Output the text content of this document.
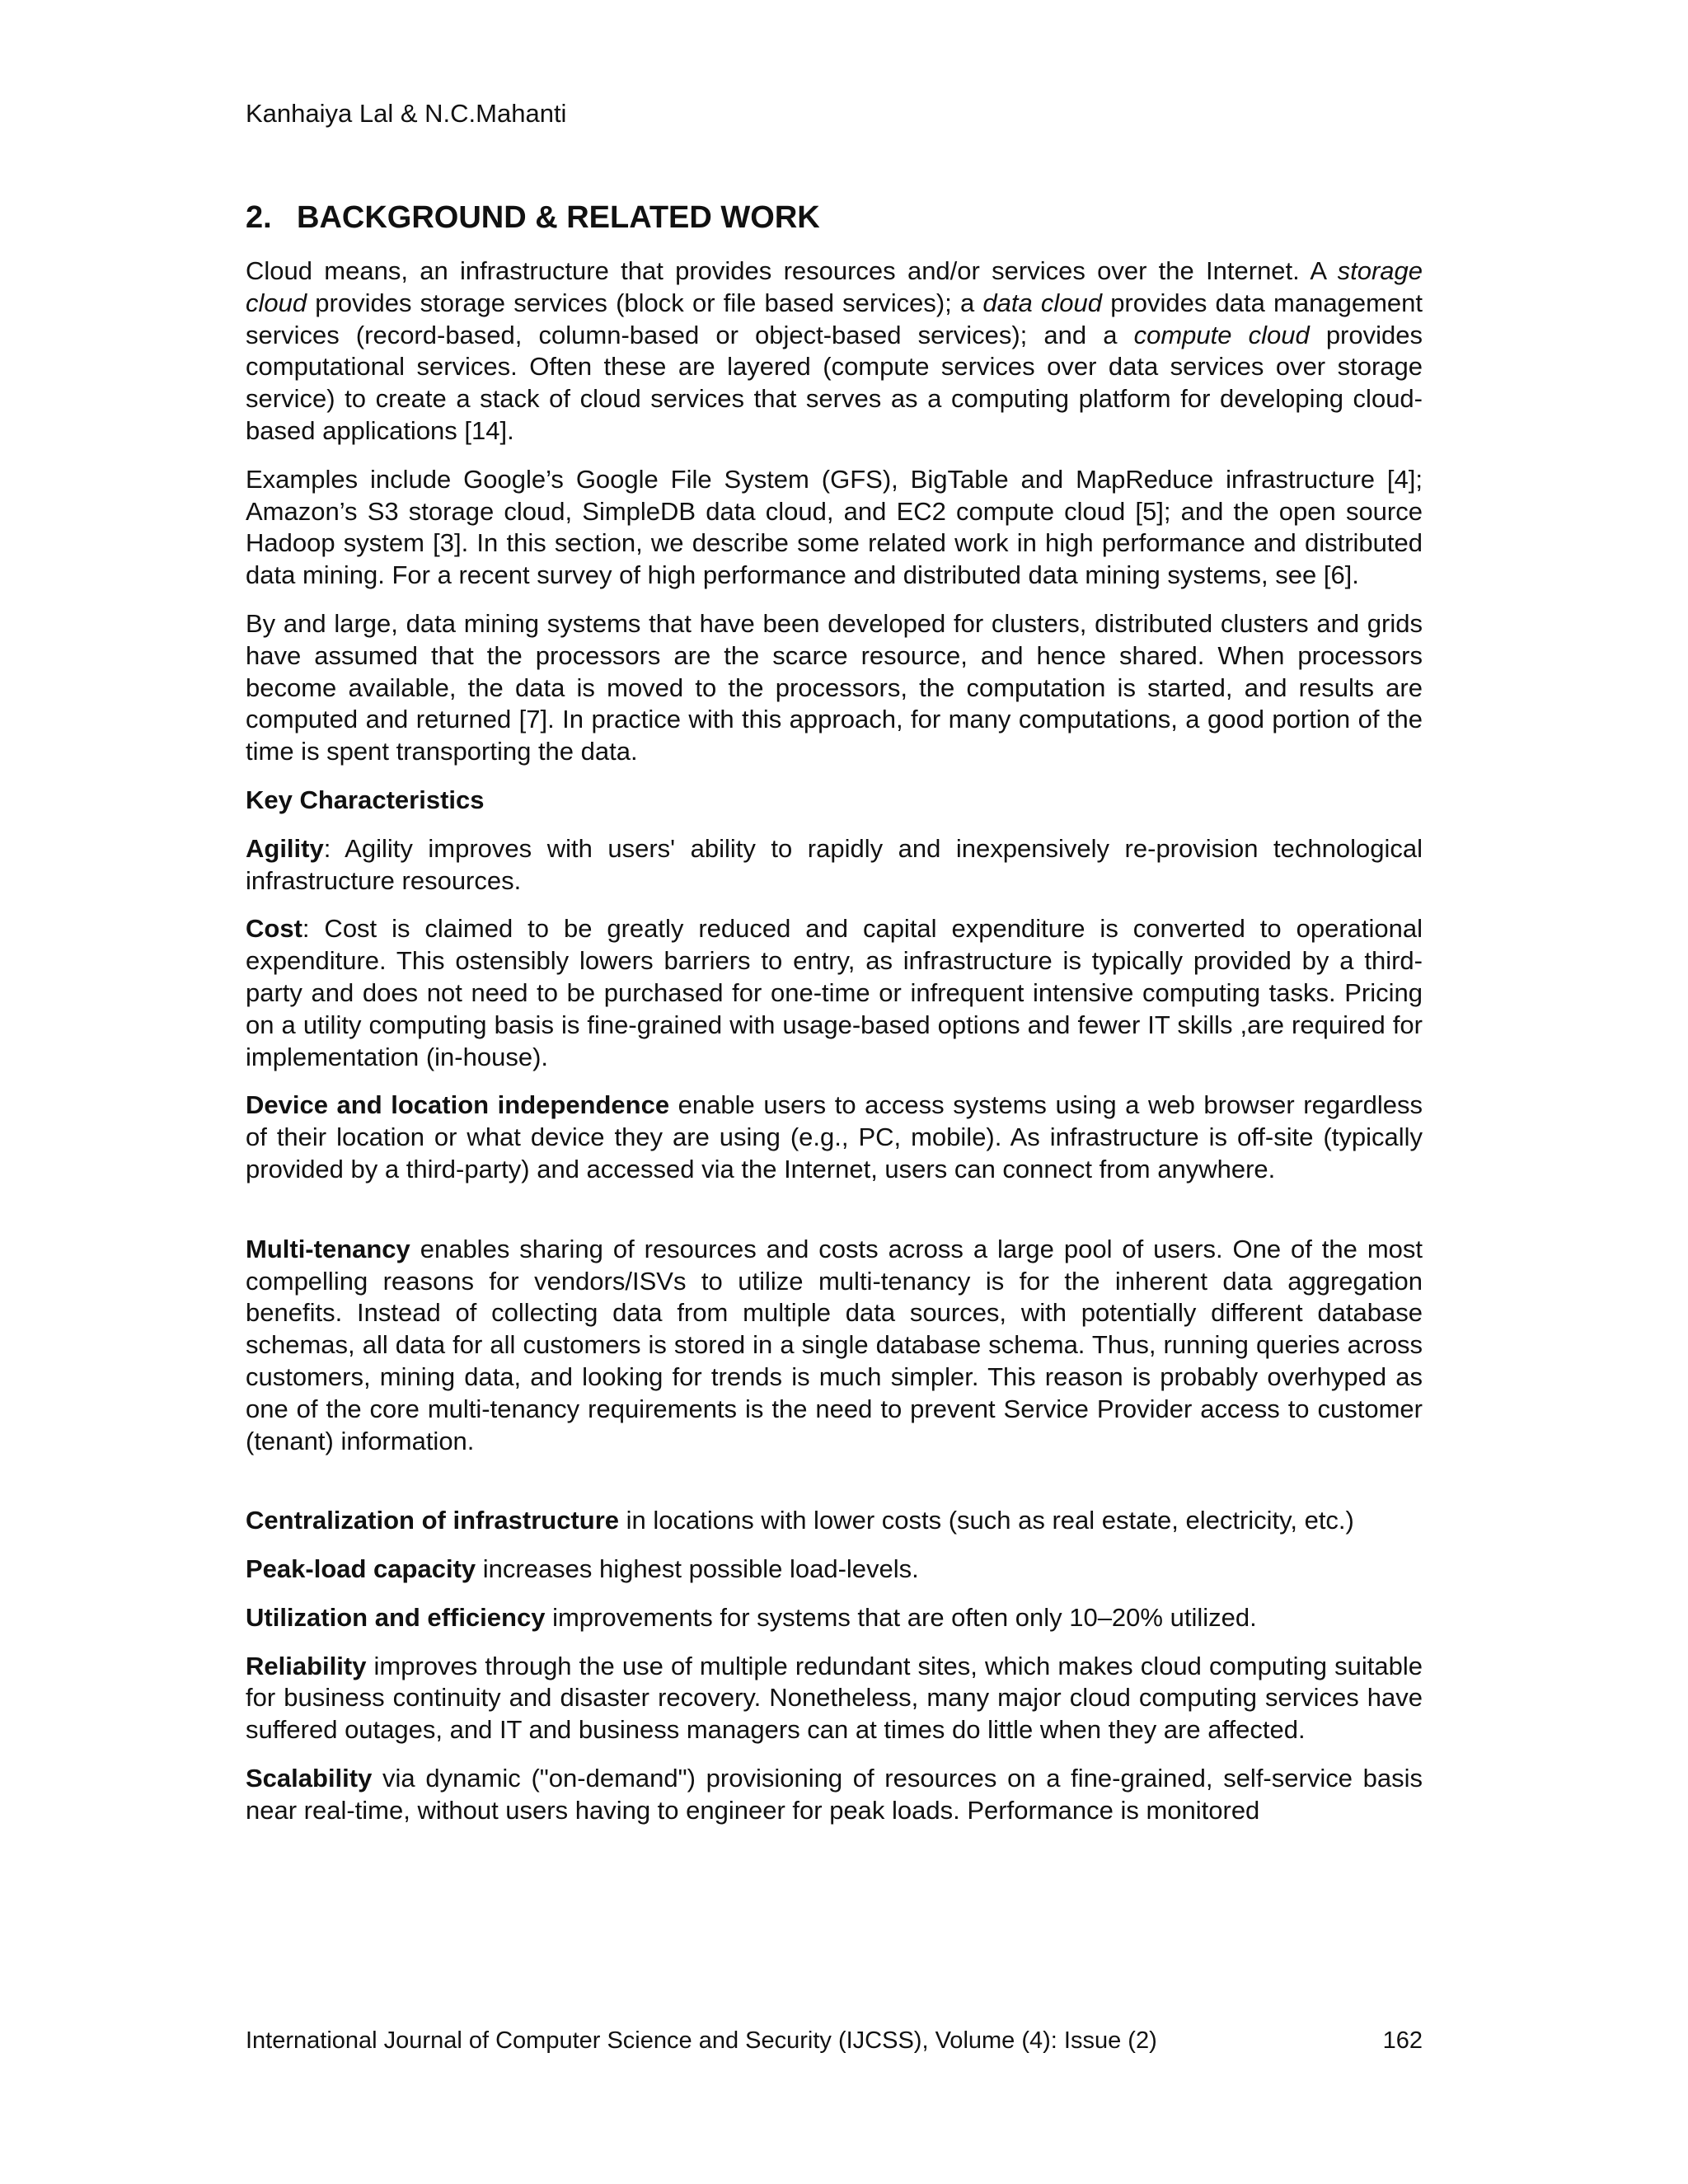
Kanhaiya Lal & N.C.Mahanti
2. BACKGROUND & RELATED WORK

Cloud means, an infrastructure that provides resources and/or services over the Internet. A storage cloud provides storage services (block or file based services); a data cloud provides data management services (record-based, column-based or object-based services); and a compute cloud provides computational services. Often these are layered (compute services over data services over storage service) to create a stack of cloud services that serves as a computing platform for developing cloud-based applications [14].

Examples include Google’s Google File System (GFS), BigTable and MapReduce infrastructure [4]; Amazon’s S3 storage cloud, SimpleDB data cloud, and EC2 compute cloud [5]; and the open source Hadoop system [3]. In this section, we describe some related work in high performance and distributed data mining. For a recent survey of high performance and distributed data mining systems, see [6].

By and large, data mining systems that have been developed for clusters, distributed clusters and grids have assumed that the processors are the scarce resource, and hence shared. When processors become available, the data is moved to the processors, the computation is started, and results are computed and returned [7]. In practice with this approach, for many computations, a good portion of the time is spent transporting the data.

Key Characteristics

Agility: Agility improves with users' ability to rapidly and inexpensively re-provision technological infrastructure resources.

Cost: Cost is claimed to be greatly reduced and capital expenditure is converted to operational expenditure. This ostensibly lowers barriers to entry, as infrastructure is typically provided by a third-party and does not need to be purchased for one-time or infrequent intensive computing tasks. Pricing on a utility computing basis is fine-grained with usage-based options and fewer IT skills ,are required for implementation (in-house).

Device and location independence enable users to access systems using a web browser regardless of their location or what device they are using (e.g., PC, mobile). As infrastructure is off-site (typically provided by a third-party) and accessed via the Internet, users can connect from anywhere.

Multi-tenancy enables sharing of resources and costs across a large pool of users. One of the most compelling reasons for vendors/ISVs to utilize multi-tenancy is for the inherent data aggregation benefits. Instead of collecting data from multiple data sources, with potentially different database schemas, all data for all customers is stored in a single database schema. Thus, running queries across customers, mining data, and looking for trends is much simpler. This reason is probably overhyped as one of the core multi-tenancy requirements is the need to prevent Service Provider access to customer (tenant) information.

Centralization of infrastructure in locations with lower costs (such as real estate, electricity, etc.)

Peak-load capacity increases highest possible load-levels.

Utilization and efficiency improvements for systems that are often only 10–20% utilized.

Reliability improves through the use of multiple redundant sites, which makes cloud computing suitable for business continuity and disaster recovery. Nonetheless, many major cloud computing services have suffered outages, and IT and business managers can at times do little when they are affected.

Scalability via dynamic ("on-demand") provisioning of resources on a fine-grained, self-service basis near real-time, without users having to engineer for peak loads. Performance is monitored

International Journal of Computer Science and Security (IJCSS), Volume (4): Issue (2)	162
